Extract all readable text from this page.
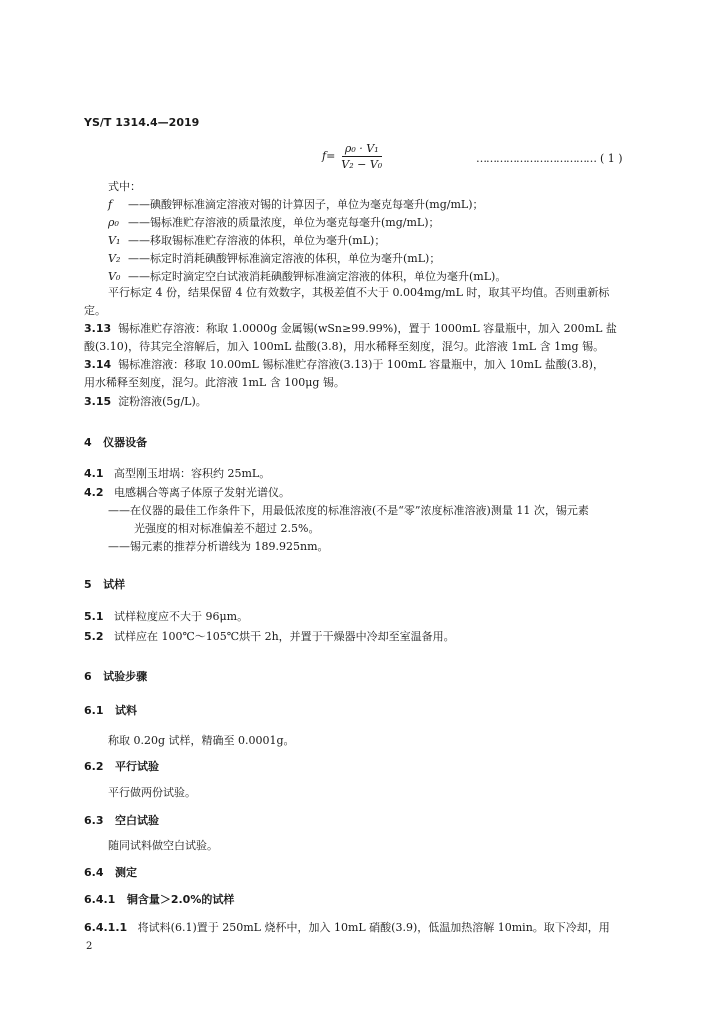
YS/T 1314.4—2019
$f= \frac{\text{ρ₀ · V₁}}{\text{V₂ − V₀}}$	……………………………… ( 1 )
式中：
f ——碘酸钾标准滴定溶液对锡的计算因子，单位为毫克每毫升(mg/mL)；
ρ₀ ——锡标准贮存溶液的质量浓度，单位为毫克每毫升(mg/mL)；
V₁ ——移取锡标准贮存溶液的体积，单位为毫升(mL)；
V₂ ——标定时消耗碘酸钾标准滴定溶液的体积，单位为毫升(mL)；
V₀ ——标定时滴定空白试液消耗碘酸钾标准滴定溶液的体积，单位为毫升(mL)。
平行标定 4 份，结果保留 4 位有效数字，其极差值不大于 0.004mg/mL 时，取其平均值。否则重新标
定。
3.13 锡标准贮存溶液：称取 1.0000g 金属锡(wSn≥99.99%)，置于 1000mL 容量瓶中，加入 200mL 盐
酸(3.10)，待其完全溶解后，加入 100mL 盐酸(3.8)，用水稀释至刻度，混匀。此溶液 1mL 含 1mg 锡。
3.14 锡标准溶液：移取 10.00mL 锡标准贮存溶液(3.13)于 100mL 容量瓶中，加入 10mL 盐酸(3.8)，
用水稀释至刻度，混匀。此溶液 1mL 含 100μg 锡。
3.15 淀粉溶液(5g/L)。
4 仪器设备
4.1 高型刚玉坩埚：容积约 25mL。
4.2 电感耦合等离子体原子发射光谱仪。
——在仪器的最佳工作条件下，用最低浓度的标准溶液(不是“零”浓度标准溶液)测量 11 次，锡元素
光强度的相对标准偏差不超过 2.5%。
——锡元素的推荐分析谱线为 189.925nm。
5 试样
5.1 试样粒度应不大于 96μm。
5.2 试样应在 100℃～105℃烘干 2h，并置于干燥器中冷却至室温备用。
6 试验步骤
6.1 试料
称取 0.20g 试样，精确至 0.0001g。
6.2 平行试验
平行做两份试验。
6.3 空白试验
随同试料做空白试验。
6.4 测定
6.4.1 铜含量＞2.0%的试样
6.4.1.1 将试料(6.1)置于 250mL 烧杯中，加入 10mL 硝酸(3.9)，低温加热溶解 10min。取下冷却，用
2
